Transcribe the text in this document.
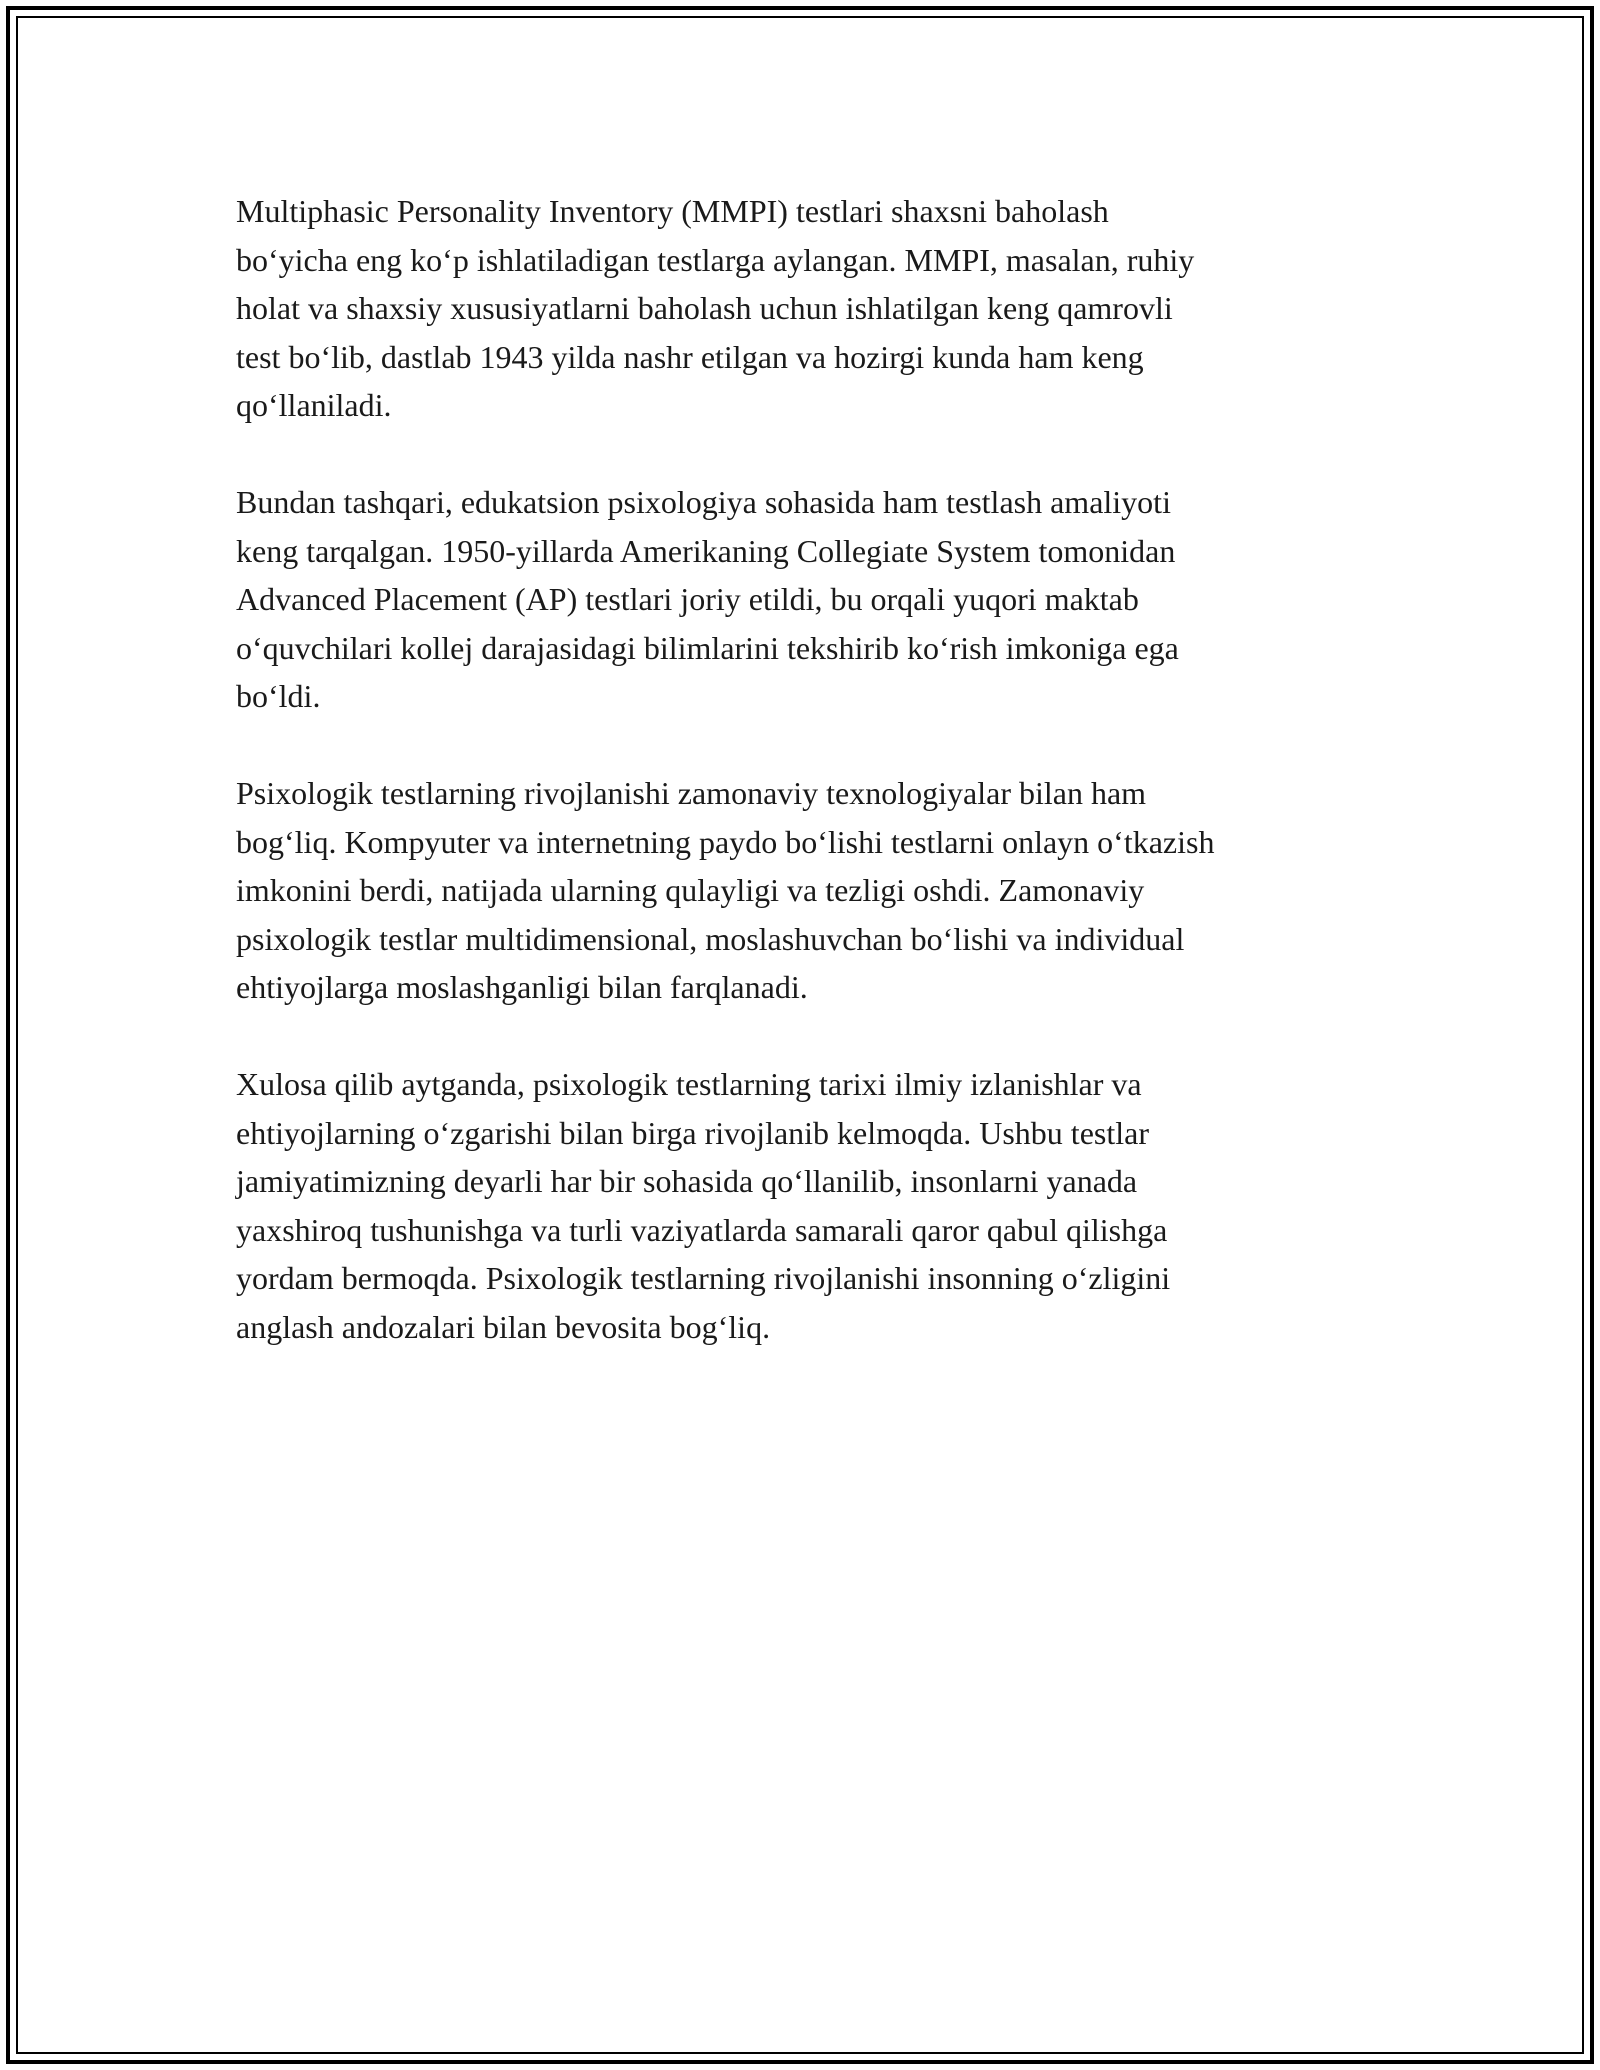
Multiphasic Personality Inventory (MMPI) testlari shaxsni baholash
bo‘yicha eng ko‘p ishlatiladigan testlarga aylangan. MMPI, masalan, ruhiy
holat va shaxsiy xususiyatlarni baholash uchun ishlatilgan keng qamrovli
test bo‘lib, dastlab 1943 yilda nashr etilgan va hozirgi kunda ham keng
qo‘llaniladi.

Bundan tashqari, edukatsion psixologiya sohasida ham testlash amaliyoti
keng tarqalgan. 1950-yillarda Amerikaning Collegiate System tomonidan
Advanced Placement (AP) testlari joriy etildi, bu orqali yuqori maktab
o‘quvchilari kollej darajasidagi bilimlarini tekshirib ko‘rish imkoniga ega
bo‘ldi.

Psixologik testlarning rivojlanishi zamonaviy texnologiyalar bilan ham
bog‘liq. Kompyuter va internetning paydo bo‘lishi testlarni onlayn o‘tkazish
imkonini berdi, natijada ularning qulayligi va tezligi oshdi. Zamonaviy
psixologik testlar multidimensional, moslashuvchan bo‘lishi va individual
ehtiyojlarga moslashganligi bilan farqlanadi.

Xulosa qilib aytganda, psixologik testlarning tarixi ilmiy izlanishlar va
ehtiyojlarning o‘zgarishi bilan birga rivojlanib kelmoqda. Ushbu testlar
jamiyatimizning deyarli har bir sohasida qo‘llanilib, insonlarni yanada
yaxshiroq tushunishga va turli vaziyatlarda samarali qaror qabul qilishga
yordam bermoqda. Psixologik testlarning rivojlanishi insonning o‘zligini
anglash andozalari bilan bevosita bog‘liq.
